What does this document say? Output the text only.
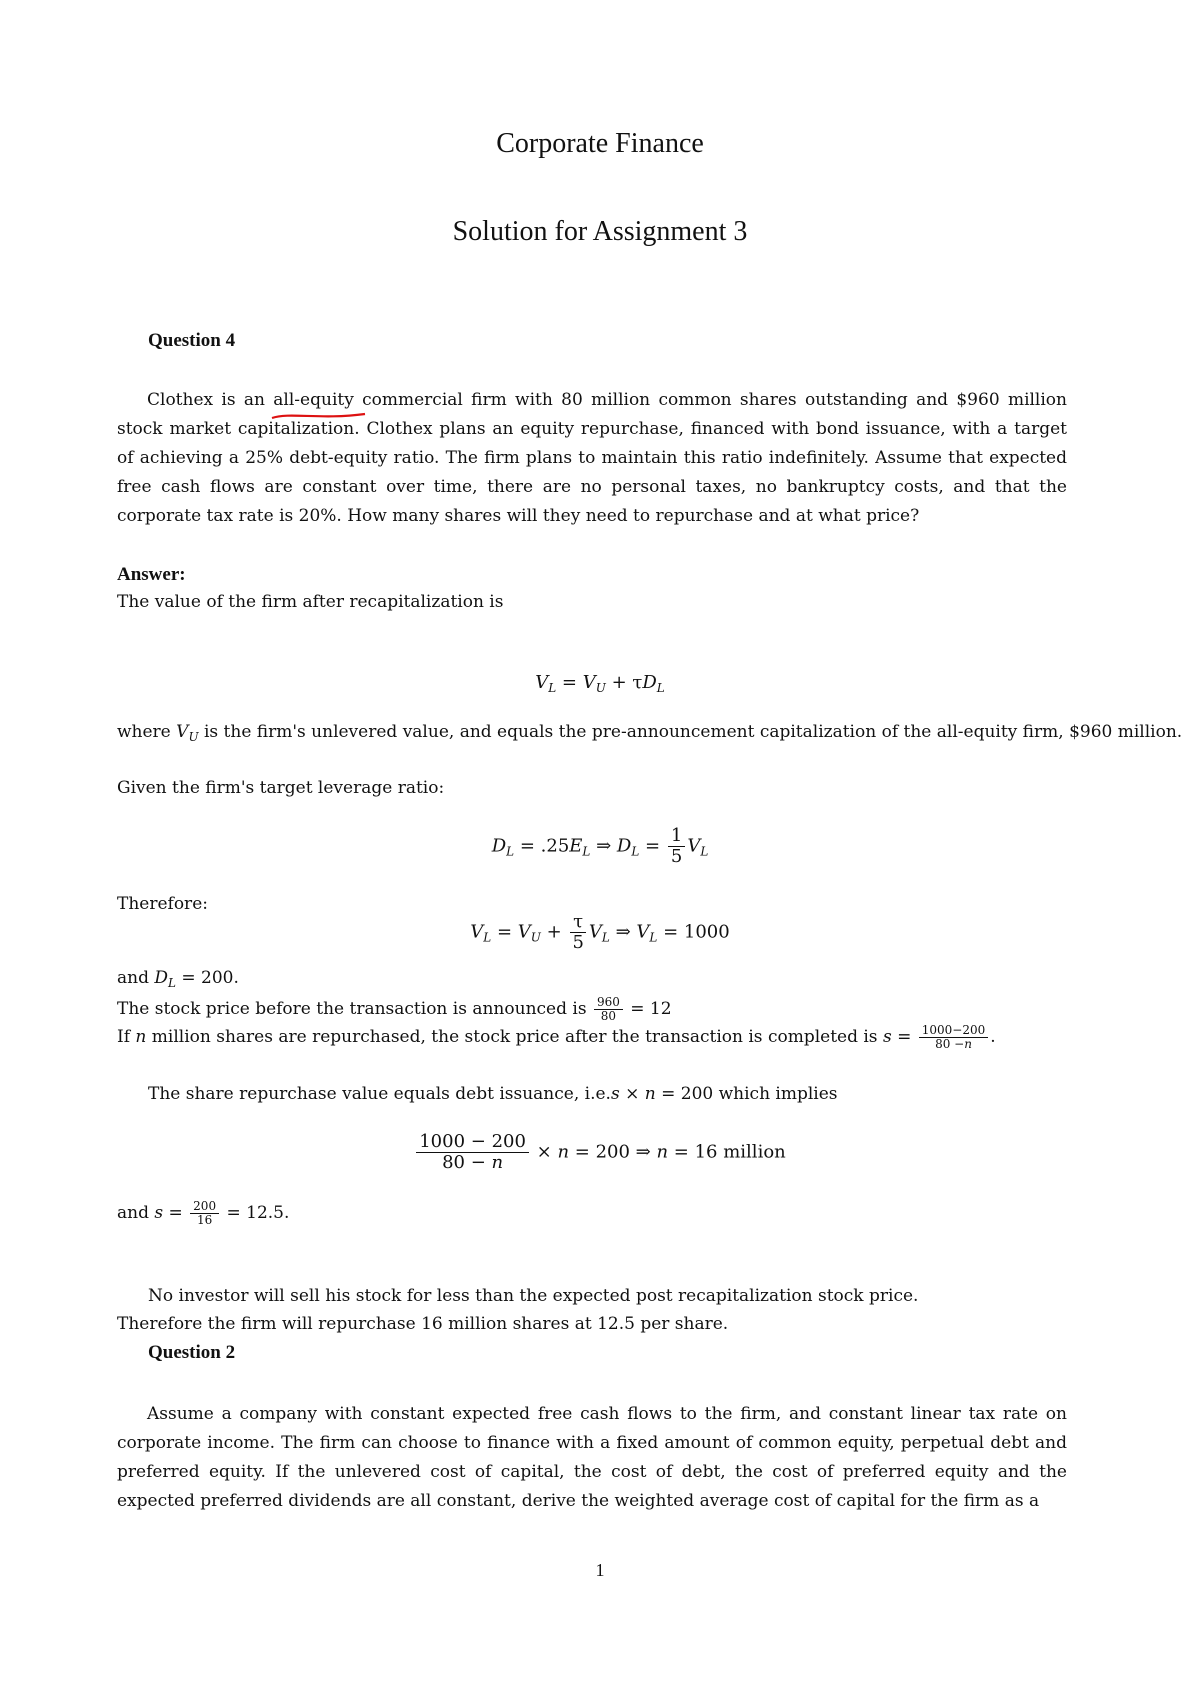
Corporate Finance
Solution for Assignment 3
Question 4
Clothex is an all-equity commercial firm with 80 million common shares outstanding and $960 million stock market capitalization. Clothex plans an equity repurchase, financed with bond issuance, with a target of achieving a 25% debt-equity ratio. The firm plans to maintain this ratio indefinitely. Assume that expected free cash flows are constant over time, there are no personal taxes, no bankruptcy costs, and that the corporate tax rate is 20%. How many shares will they need to repurchase and at what price?
Answer:
The value of the firm after recapitalization is
$V_L = V_U + \tau D_L$
where $V_U$ is the firm's unlevered value, and equals the pre-announcement capitalization of the all-equity firm, $960 million.
Given the firm's target leverage ratio:
$D_L = .25E_L$ ⇒ $D_L = \frac{1}{5} V_L$
Therefore:
$V_L = V_U + \frac{\tau}{5} V_L$ ⇒ $V_L = 1000$
and $D_L = 200$.
The stock price before the transaction is announced is $\frac{960}{80} = 12$
If n million shares are repurchased, the stock price after the transaction is completed is $s = \frac{1000-200}{80 -n}$ .
The share repurchase value equals debt issuance, i.e.s × n = 200 which implies
$\frac{1000 - 200}{80 - n} \times n = 200$ ⇒ n = 16 million
and $s = \frac{200}{16} = 12.5$.
No investor will sell his stock for less than the expected post recapitalization stock price.
Therefore the firm will repurchase 16 million shares at 12.5 per share.
Question 2
Assume a company with constant expected free cash flows to the firm, and constant linear tax rate on corporate income. The firm can choose to finance with a fixed amount of common equity, perpetual debt and preferred equity. If the unlevered cost of capital, the cost of debt, the cost of preferred equity and the expected preferred dividends are all constant, derive the weighted average cost of capital for the firm as a
1
